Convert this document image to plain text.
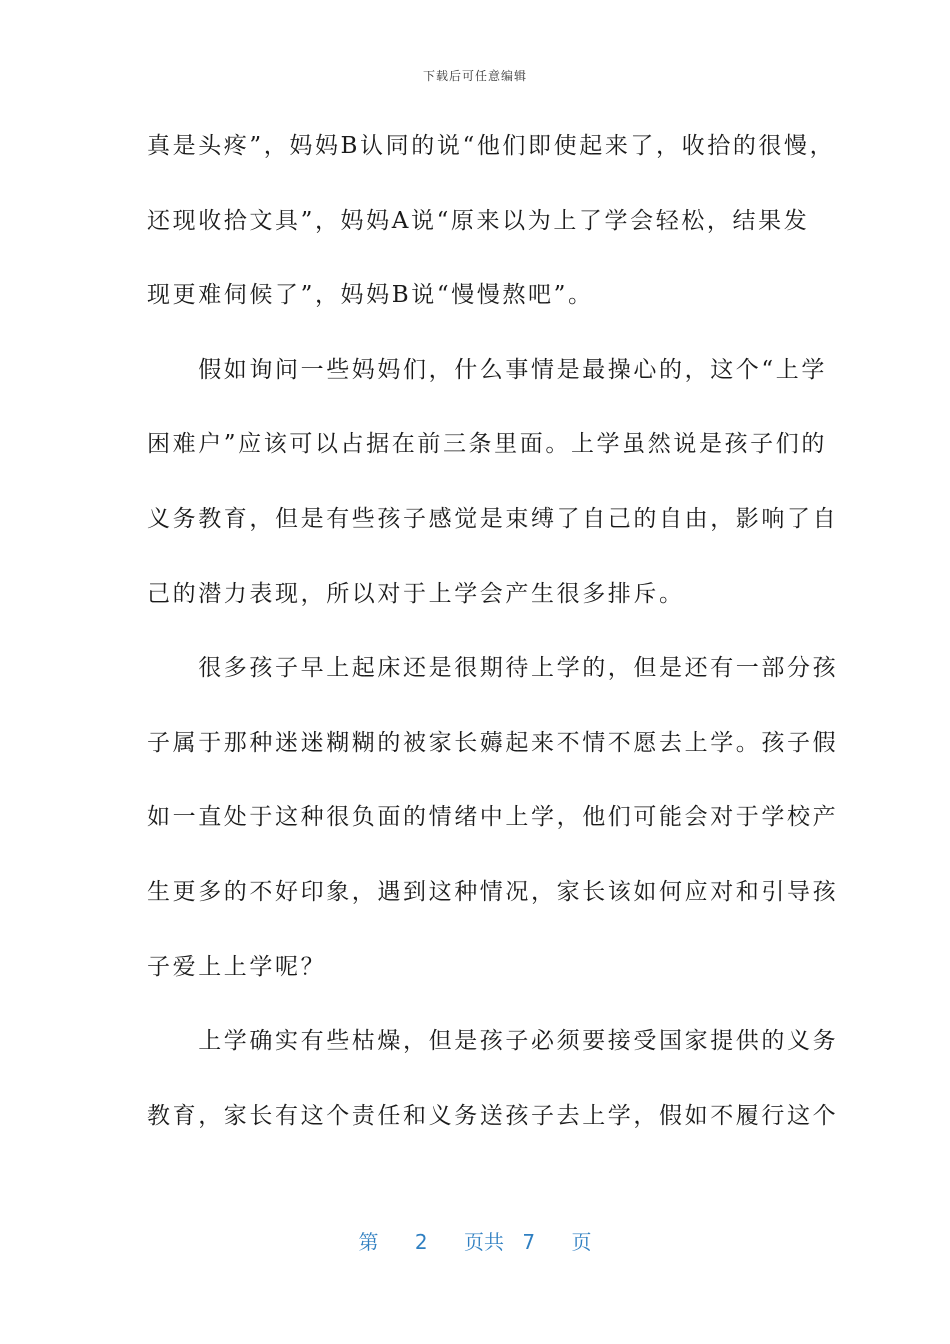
下载后可任意编辑
真是头疼”，妈妈B认同的说“他们即使起来了，收拾的很慢，
还现收拾文具”，妈妈A说“原来以为上了学会轻松，结果发
现更难伺候了”，妈妈B说“慢慢熬吧”。
　　假如询问一些妈妈们，什么事情是最操心的，这个“上学
困难户”应该可以占据在前三条里面。上学虽然说是孩子们的
义务教育，但是有些孩子感觉是束缚了自己的自由，影响了自
己的潜力表现，所以对于上学会产生很多排斥。
　　很多孩子早上起床还是很期待上学的，但是还有一部分孩
子属于那种迷迷糊糊的被家长薅起来不情不愿去上学。孩子假
如一直处于这种很负面的情绪中上学，他们可能会对于学校产
生更多的不好印象，遇到这种情况，家长该如何应对和引导孩
子爱上上学呢？
　　上学确实有些枯燥，但是孩子必须要接受国家提供的义务
教育，家长有这个责任和义务送孩子去上学，假如不履行这个
第 2 页共 7 页
